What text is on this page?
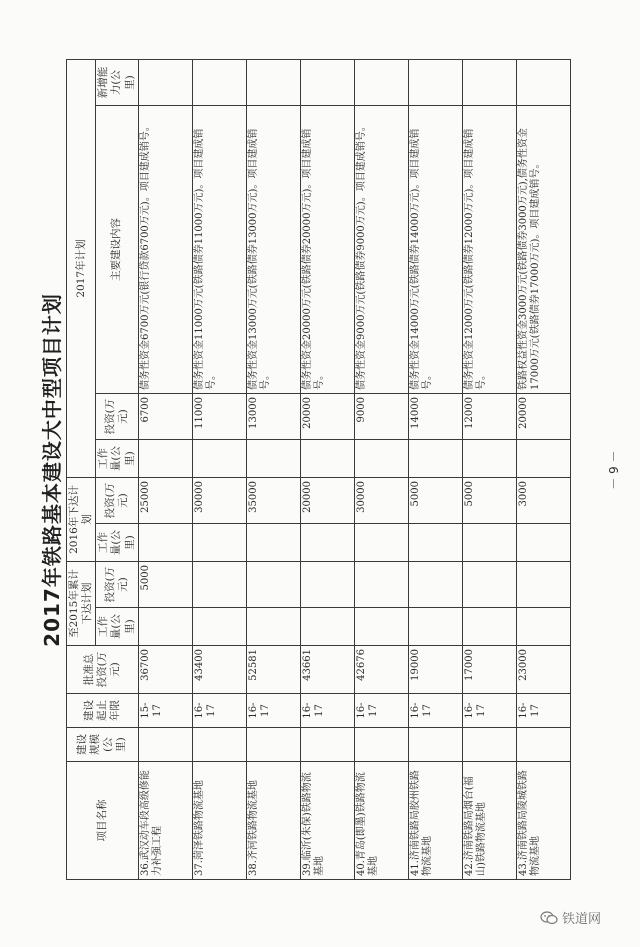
2017年铁路基本建设大中型项目计划
项目名称	建设规模(公里)	建设起止年限	批准总投资(万元)	至2015年累计下达计划		2016年下达计划		2017年计划			
				工作量(公里)	投资(万元)	工作量(公里)	投资(万元)	工作量(公里)	投资(万元)	主要建设内容	新增能力(公里)

36.武汉动车段高级修能力补强工程		15-17	36700		5000		25000		6700	债务性资金6700万元(银行贷款6700万元)。项目建成销号。	
37.菏泽铁路物流基地		16-17	43400				30000		11000	债务性资金11000万元(铁路债券11000万元)。项目建成销号。	
38.齐河铁路物流基地		16-17	52581				35000		13000	债务性资金13000万元(铁路债券13000万元)。项目建成销号。	
39.临沂(朱保)铁路物流基地		16-17	43661				20000		20000	债务性资金20000万元(铁路债券20000万元)。项目建成销号。	
40.青岛(即墨)铁路物流基地		16-17	42676				30000		9000	债务性资金9000万元(铁路债券9000万元)。项目建成销号。	
41.济南铁路局胶州铁路物流基地		16-17	19000				5000		14000	债务性资金14000万元(铁路债券14000万元)。项目建成销号。	
42.济南铁路局烟台(福山)铁路物流基地		16-17	17000				5000		12000	债务性资金12000万元(铁路债券12000万元)。项目建成销号。	
43.济南铁路局陵城铁路物流基地		16-17	23000				3000		20000	铁路权益性资金3000万元(铁路债券3000万元),债务性资金17000万元(铁路债券17000万元)。项目建成销号。	
－ 9 －
铁道网
